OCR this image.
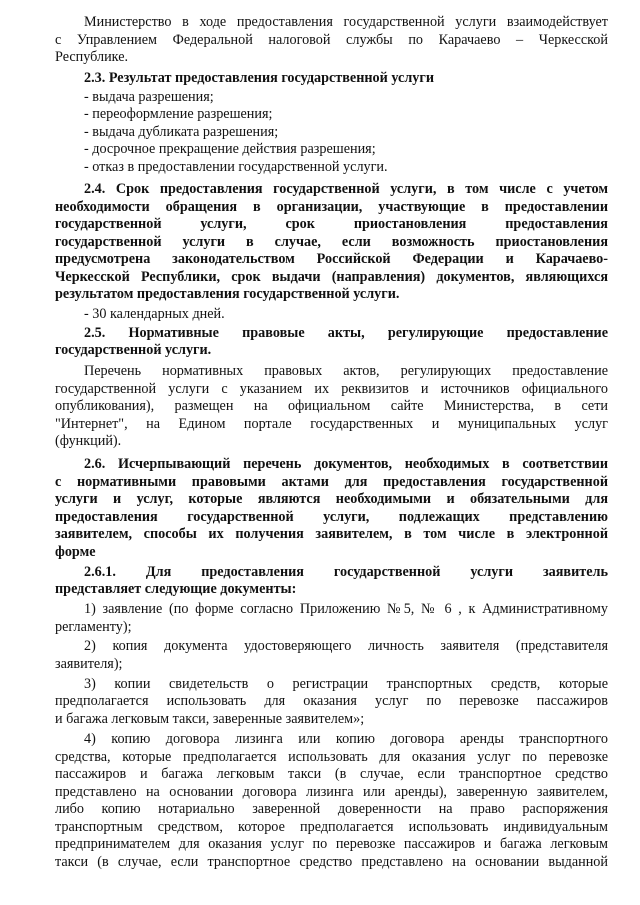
Министерство в ходе предоставления государственной услуги взаимодействует
с Управлением Федеральной налоговой службы по Карачаево – Черкесской
Республике.
2.3. Результат предоставления государственной услуги
- выдача разрешения;
- переоформление разрешения;
- выдача дубликата разрешения;
- досрочное прекращение действия разрешения;
- отказ в предоставлении государственной услуги.
2.4. Срок предоставления государственной услуги, в том числе с учетом
необходимости обращения в организации, участвующие в предоставлении
государственной услуги, срок приостановления предоставления
государственной услуги в случае, если возможность приостановления
предусмотрена законодательством Российской Федерации и Карачаево-
Черкесской Республики, срок выдачи (направления) документов, являющихся
результатом предоставления государственной услуги.
- 30 календарных дней.
2.5. Нормативные правовые акты, регулирующие предоставление
государственной услуги.
Перечень нормативных правовых актов, регулирующих предоставление
государственной услуги с указанием их реквизитов и источников официального
опубликования), размещен на официальном сайте Министерства, в сети
"Интернет", на Едином портале государственных и муниципальных услуг
(функций).
2.6. Исчерпывающий перечень документов, необходимых в соответствии
с нормативными правовыми актами для предоставления государственной
услуги и услуг, которые являются необходимыми и обязательными для
предоставления государственной услуги, подлежащих представлению
заявителем, способы их получения заявителем, в том числе в электронной
форме
2.6.1. Для предоставления государственной услуги заявитель
представляет следующие документы:
1) заявление (по форме согласно Приложению №5, № 6 , к Административному
регламенту);
2) копия документа удостоверяющего личность заявителя (представителя
заявителя);
3) копии свидетельств о регистрации транспортных средств, которые
предполагается использовать для оказания услуг по перевозке пассажиров
и багажа легковым такси, заверенные заявителем»;
4) копию договора лизинга или копию договора аренды транспортного
средства, которые предполагается использовать для оказания услуг по перевозке
пассажиров и багажа легковым такси (в случае, если транспортное средство
представлено на основании договора лизинга или аренды), заверенную заявителем,
либо копию нотариально заверенной доверенности на право распоряжения
транспортным средством, которое предполагается использовать индивидуальным
предпринимателем для оказания услуг по перевозке пассажиров и багажа легковым
такси (в случае, если транспортное средство представлено на основании выданной
